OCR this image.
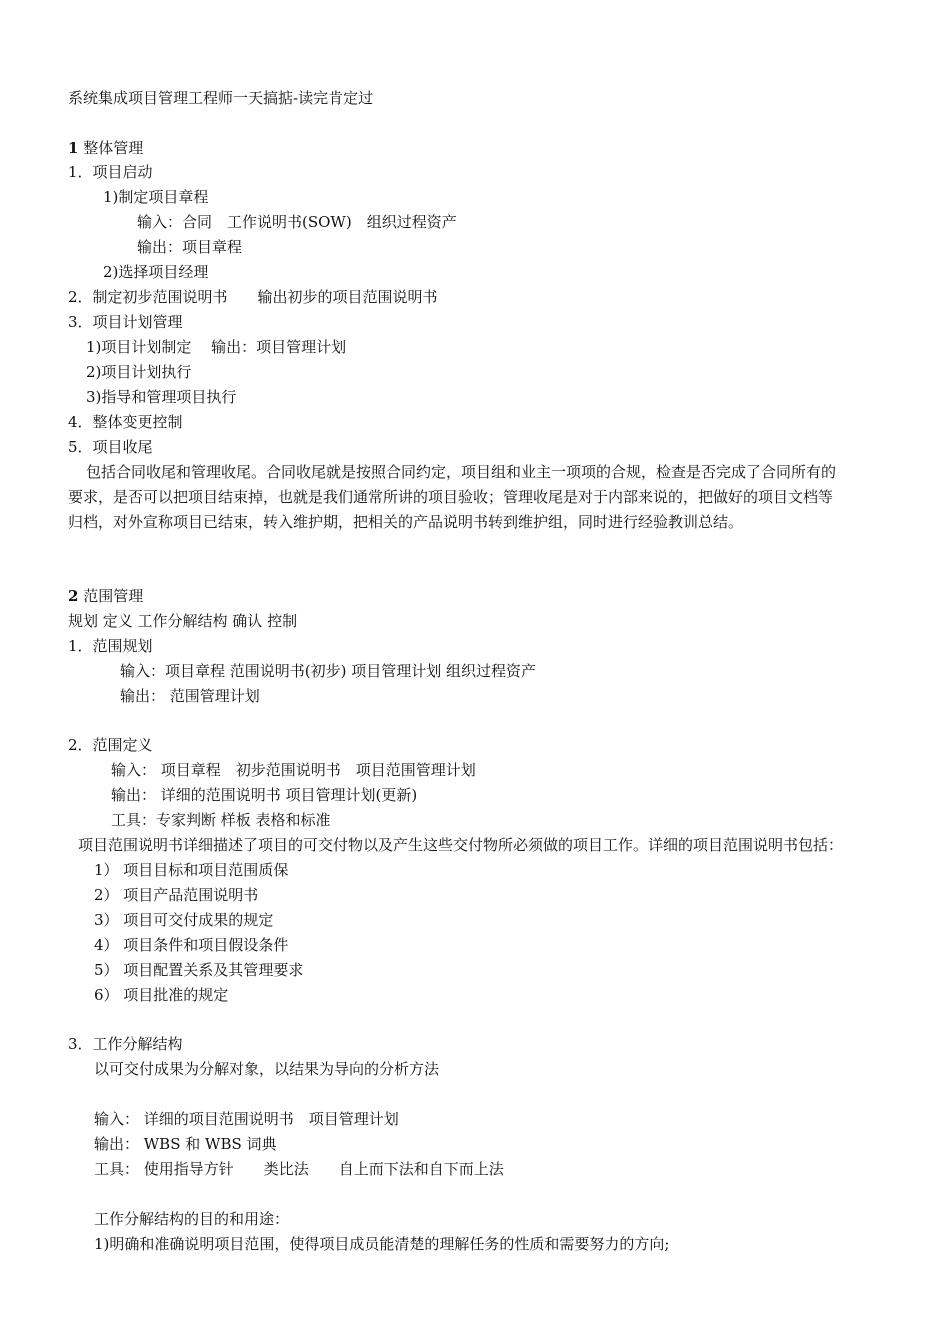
系统集成项目管理工程师一天搞掂-读完肯定过
1 整体管理
1．项目启动
1)制定项目章程
输入：合同　工作说明书(SOW)　组织过程资产
输出：项目章程
2)选择项目经理
2．制定初步范围说明书　　输出初步的项目范围说明书
3．项目计划管理
1)项目计划制定　 输出：项目管理计划
2)项目计划执行
3)指导和管理项目执行
4．整体变更控制
5．项目收尾
包括合同收尾和管理收尾。合同收尾就是按照合同约定，项目组和业主一项项的合规，检查是否完成了合同所有的
要求，是否可以把项目结束掉，也就是我们通常所讲的项目验收；管理收尾是对于内部来说的，把做好的项目文档等
归档，对外宣称项目已结束，转入维护期，把相关的产品说明书转到维护组，同时进行经验教训总结。
2 范围管理
规划 定义 工作分解结构 确认 控制
1．范围规划
输入：项目章程 范围说明书(初步) 项目管理计划 组织过程资产
输出： 范围管理计划
2．范围定义
输入： 项目章程　初步范围说明书　项目范围管理计划
输出： 详细的范围说明书 项目管理计划(更新)
工具：专家判断 样板 表格和标准
项目范围说明书详细描述了项目的可交付物以及产生这些交付物所必须做的项目工作。详细的项目范围说明书包括：
1） 项目目标和项目范围质保
2） 项目产品范围说明书
3） 项目可交付成果的规定
4） 项目条件和项目假设条件
5） 项目配置关系及其管理要求
6） 项目批准的规定
3．工作分解结构
以可交付成果为分解对象，以结果为导向的分析方法
输入： 详细的项目范围说明书　项目管理计划
输出： WBS 和 WBS 词典
工具： 使用指导方针　　类比法　　自上而下法和自下而上法
工作分解结构的目的和用途：
1)明确和准确说明项目范围，使得项目成员能清楚的理解任务的性质和需要努力的方向;
